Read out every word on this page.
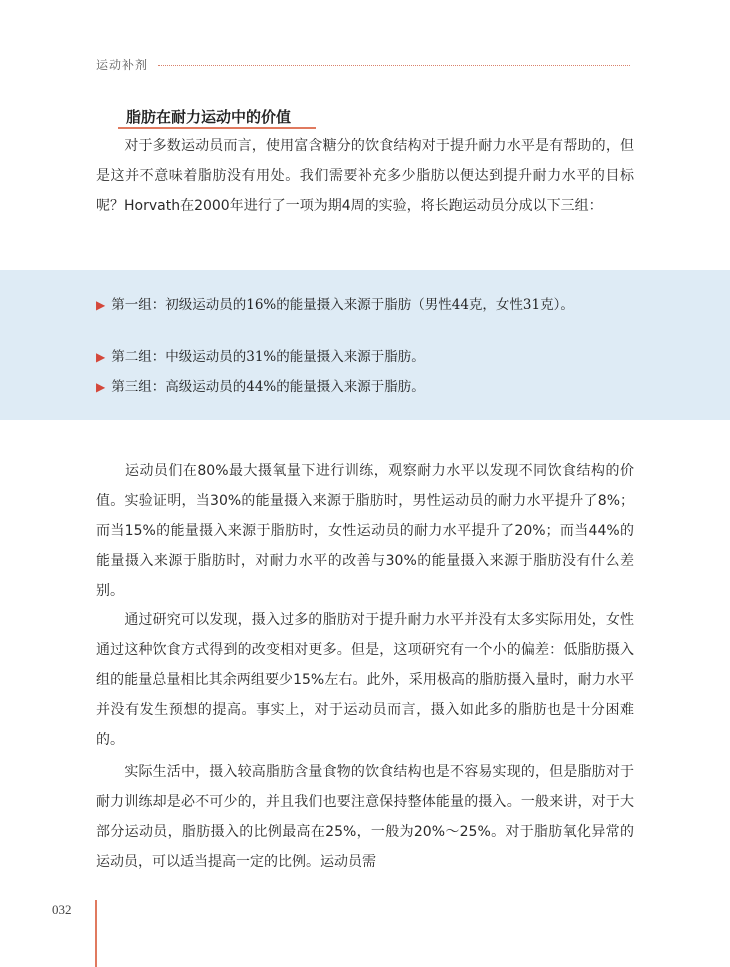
运动补剂
脂肪在耐力运动中的价值

　　对于多数运动员而言，使用富含糖分的饮食结构对于提升耐力水平是有帮助的，但是这并不意味着脂肪没有用处。我们需要补充多少脂肪以便达到提升耐力水平的目标呢？Horvath在2000年进行了一项为期4周的实验，将长跑运动员分成以下三组：

▶ 第一组：初级运动员的16%的能量摄入来源于脂肪（男性44克，女性31克）。
▶ 第二组：中级运动员的31%的能量摄入来源于脂肪。
▶ 第三组：高级运动员的44%的能量摄入来源于脂肪。

　　运动员们在80%最大摄氧量下进行训练，观察耐力水平以发现不同饮食结构的价值。实验证明，当30%的能量摄入来源于脂肪时，男性运动员的耐力水平提升了8%；而当15%的能量摄入来源于脂肪时，女性运动员的耐力水平提升了20%；而当44%的能量摄入来源于脂肪时，对耐力水平的改善与30%的能量摄入来源于脂肪没有什么差别。

　　通过研究可以发现，摄入过多的脂肪对于提升耐力水平并没有太多实际用处，女性通过这种饮食方式得到的改变相对更多。但是，这项研究有一个小的偏差：低脂肪摄入组的能量总量相比其余两组要少15%左右。此外，采用极高的脂肪摄入量时，耐力水平并没有发生预想的提高。事实上，对于运动员而言，摄入如此多的脂肪也是十分困难的。

　　实际生活中，摄入较高脂肪含量食物的饮食结构也是不容易实现的，但是脂肪对于耐力训练却是必不可少的，并且我们也要注意保持整体能量的摄入。一般来讲，对于大部分运动员，脂肪摄入的比例最高在25%，一般为20%～25%。对于脂肪氧化异常的运动员，可以适当提高一定的比例。运动员需

032
